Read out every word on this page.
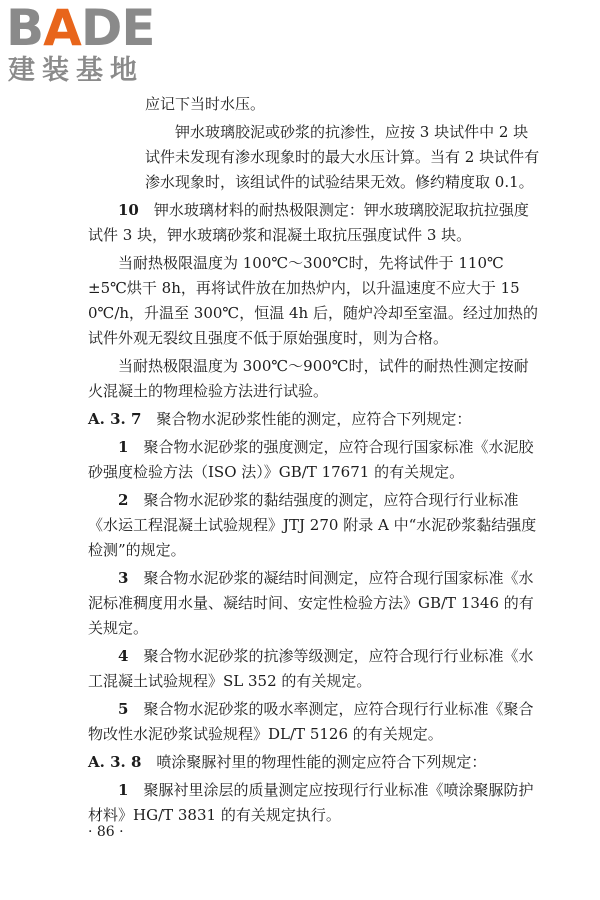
BADE
建装基地

应记下当时水压。

钾水玻璃胶泥或砂浆的抗渗性，应按 3 块试件中 2 块试件未发现有渗水现象时的最大水压计算。当有 2 块试件有渗水现象时，该组试件的试验结果无效。修约精度取 0.1。

10　 钾水玻璃材料的耐热极限测定：钾水玻璃胶泥取抗拉强度试件 3 块，钾水玻璃砂浆和混凝土取抗压强度试件 3 块。

当耐热极限温度为 100℃～300℃时，先将试件于 110℃±5℃烘干 8h，再将试件放在加热炉内，以升温速度不应大于 150℃/h，升温至 300℃，恒温 4h 后，随炉冷却至室温。经过加热的试件外观无裂纹且强度不低于原始强度时，则为合格。

当耐热极限温度为 300℃～900℃时，试件的耐热性测定按耐火混凝土的物理检验方法进行试验。

A. 3. 7　 聚合物水泥砂浆性能的测定，应符合下列规定：

1　 聚合物水泥砂浆的强度测定，应符合现行国家标准《水泥胶砂强度检验方法（ISO 法）》GB/T 17671 的有关规定。

2　 聚合物水泥砂浆的黏结强度的测定，应符合现行行业标准《水运工程混凝土试验规程》JTJ 270 附录 A 中“水泥砂浆黏结强度检测”的规定。

3　 聚合物水泥砂浆的凝结时间测定，应符合现行国家标准《水泥标准稠度用水量、凝结时间、安定性检验方法》GB/T 1346 的有关规定。

4　 聚合物水泥砂浆的抗渗等级测定，应符合现行行业标准《水工混凝土试验规程》SL 352 的有关规定。

5　 聚合物水泥砂浆的吸水率测定，应符合现行行业标准《聚合物改性水泥砂浆试验规程》DL/T 5126 的有关规定。

A. 3. 8　 喷涂聚脲衬里的物理性能的测定应符合下列规定：

1　 聚脲衬里涂层的质量测定应按现行行业标准《喷涂聚脲防护材料》HG/T 3831 的有关规定执行。

· 86 ·
